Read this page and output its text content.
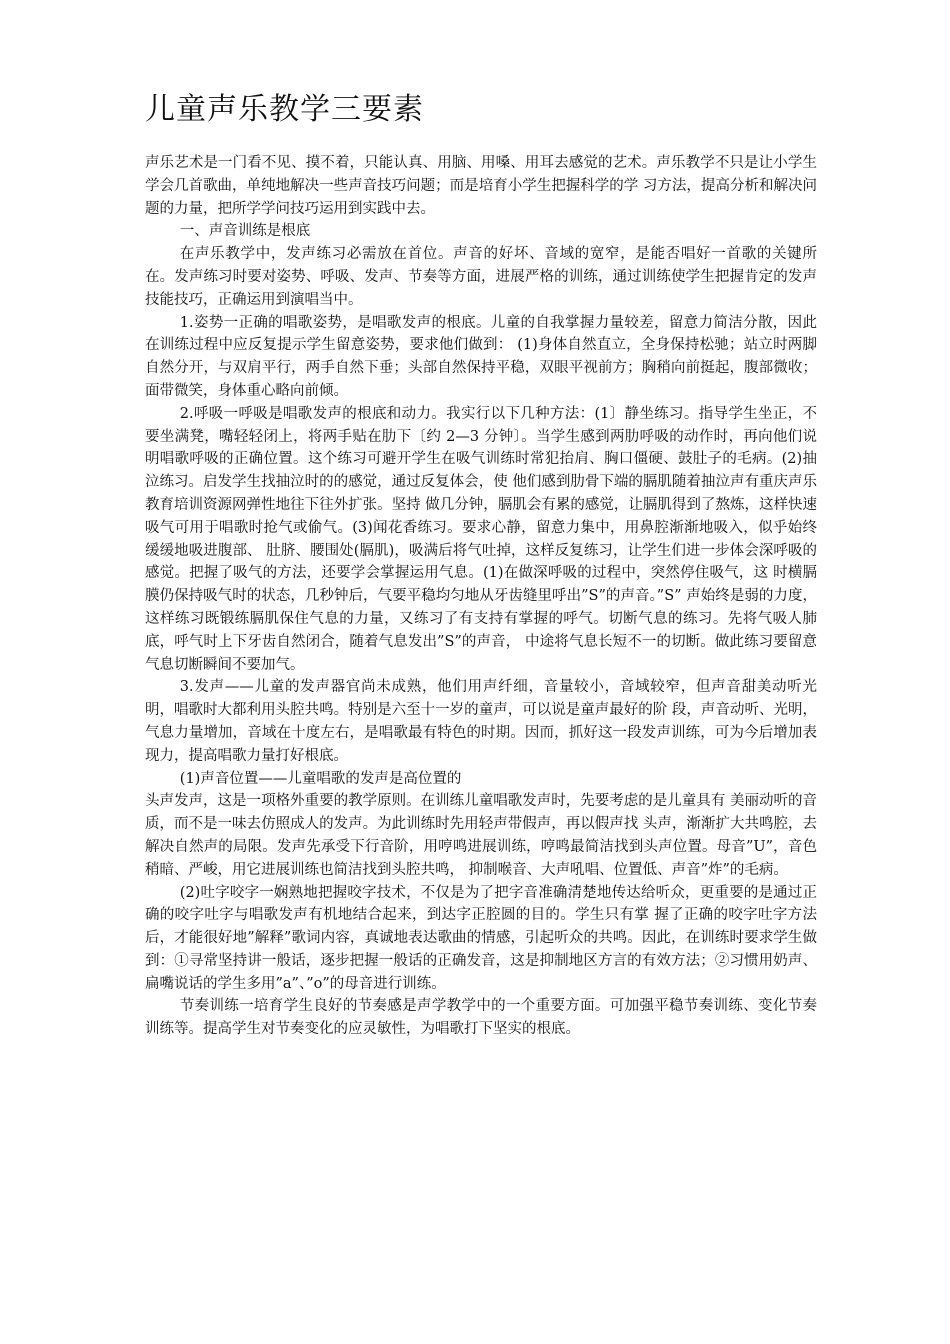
儿童声乐教学三要素

声乐艺术是一门看不见、摸不着，只能认真、用脑、用嗓、用耳去感觉的艺术。声乐教学不只是让小学生学会几首歌曲，单纯地解决一些声音技巧问题；而是培育小学生把握科学的学 习方法，提高分析和解决问题的力量，把所学学问技巧运用到实践中去。

一、声音训练是根底

在声乐教学中，发声练习必需放在首位。声音的好坏、音域的宽窄，是能否唱好一首歌的关键所在。发声练习时要对姿势、呼吸、发声、节奏等方面，进展严格的训练，通过训练使学生把握肯定的发声技能技巧，正确运用到演唱当中。

1.姿势一正确的唱歌姿势，是唱歌发声的根底。儿童的自我掌握力量较差，留意力简洁分散，因此在训练过程中应反复提示学生留意姿势，要求他们做到： (1)身体自然直立，全身保持松驰；站立时两脚自然分开，与双肩平行，两手自然下垂；头部自然保持平稳，双眼平视前方；胸稍向前挺起，腹部微收；面带微笑，身体重心略向前倾。

2.呼吸一呼吸是唱歌发声的根底和动力。我实行以下几种方法：(1〕静坐练习。指导学生坐正，不要坐满凳，嘴轻轻闭上，将两手贴在肋下〔约 2—3 分钟〕。当学生感到两肋呼吸的动作时，再向他们说明唱歌呼吸的正确位置。这个练习可避开学生在吸气训练时常犯抬肩、胸口僵硬、鼓肚子的毛病。(2)抽泣练习。启发学生找抽泣时的的感觉，通过反复体会，使 他们感到肋骨下端的膈肌随着抽泣声有重庆声乐教育培训资源网弹性地往下往外扩张。坚持 做几分钟，膈肌会有累的感觉，让膈肌得到了熬炼，这样快速吸气可用于唱歌时抢气或偷气。(3)闻花香练习。要求心静，留意力集中，用鼻腔渐渐地吸入，似乎始终缓缓地吸进腹部、 肚脐、腰围处(膈肌)，吸满后将气吐掉，这样反复练习，让学生们进一步体会深呼吸的感觉。把握了吸气的方法，还要学会掌握运用气息。(1)在做深呼吸的过程中，突然停住吸气，这 时横膈膜仍保持吸气时的状态，几秒钟后，气要平稳均匀地从牙齿缝里呼出”S”的声音。”S” 声始终是弱的力度，这样练习既锻练膈肌保住气息的力量，又练习了有支持有掌握的呼气。切断气息的练习。先将气吸人肺底，呼气时上下牙齿自然闭合，随着气息发出”S”的声音， 中途将气息长短不一的切断。做此练习要留意气息切断瞬间不要加气。

3.发声——儿童的发声器官尚未成熟，他们用声纤细，音量较小，音域较窄，但声音甜美动听光明，唱歌时大都利用头腔共鸣。特别是六至十一岁的童声，可以说是童声最好的阶 段，声音动听、光明，气息力量增加，音域在十度左右，是唱歌最有特色的时期。因而，抓好这一段发声训练，可为今后增加表现力，提高唱歌力量打好根底。

(1)声音位置——儿童唱歌的发声是高位置的

头声发声，这是一项格外重要的教学原则。在训练儿童唱歌发声时，先要考虑的是儿童具有 美丽动听的音质，而不是一味去仿照成人的发声。为此训练时先用轻声带假声，再以假声找 头声，渐渐扩大共鸣腔，去解决自然声的局限。发声先承受下行音阶，用哼鸣进展训练，哼鸣最简洁找到头声位置。母音”U”，音色稍暗、严峻，用它进展训练也简洁找到头腔共鸣， 抑制喉音、大声吼唱、位置低、声音”炸”的毛病。

(2)吐字咬字一娴熟地把握咬字技术，不仅是为了把字音准确清楚地传达给听众，更重要的是通过正确的咬字吐字与唱歌发声有机地结合起来，到达字正腔圆的目的。学生只有掌 握了正确的咬字吐字方法后，才能很好地”解释”歌词内容，真诚地表达歌曲的情感，引起听众的共鸣。因此，在训练时要求学生做到：①寻常坚持讲一般话，逐步把握一般话的正确发音，这是抑制地区方言的有效方法；②习惯用奶声、扁嘴说话的学生多用”a”、”o”的母音进行训练。

节奏训练一培育学生良好的节奏感是声学教学中的一个重要方面。可加强平稳节奏训练、变化节奏训练等。提高学生对节奏变化的应灵敏性，为唱歌打下坚实的根底。
